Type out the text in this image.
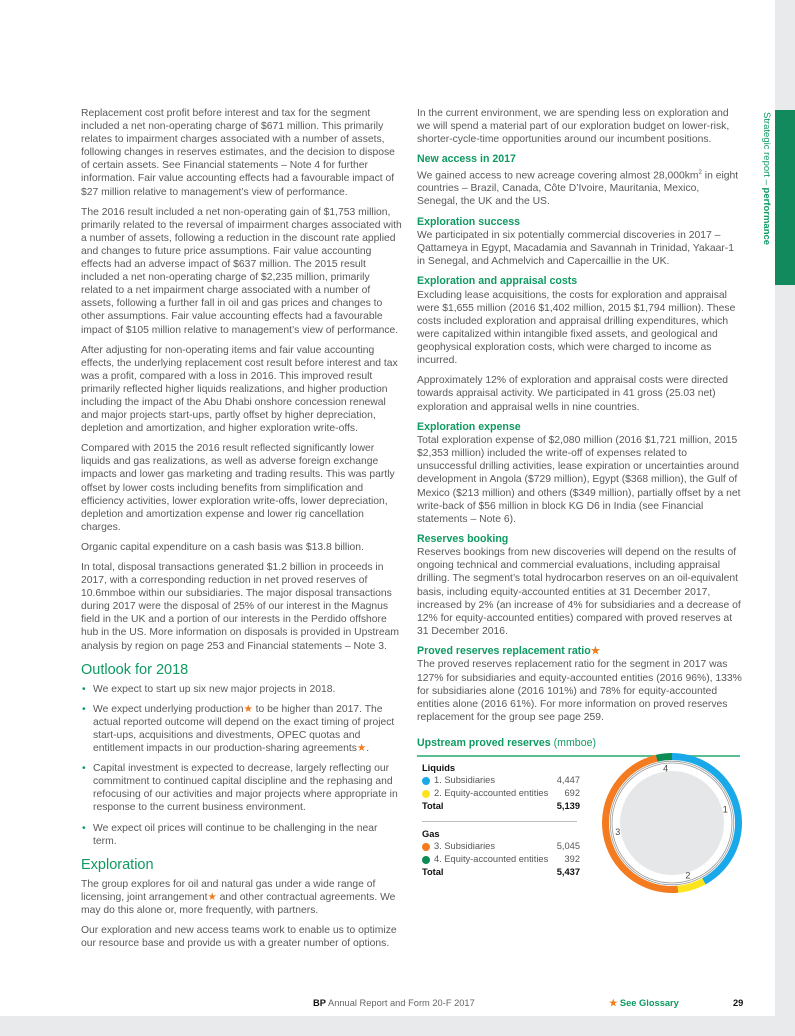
Strategic report – performance

Replacement cost profit before interest and tax for the segment included a net non-operating charge of $671 million. This primarily relates to impairment charges associated with a number of assets, following changes in reserves estimates, and the decision to dispose of certain assets. See Financial statements – Note 4 for further information. Fair value accounting effects had a favourable impact of $27 million relative to management’s view of performance.

The 2016 result included a net non-operating gain of $1,753 million, primarily related to the reversal of impairment charges associated with a number of assets, following a reduction in the discount rate applied and changes to future price assumptions. Fair value accounting effects had an adverse impact of $637 million. The 2015 result included a net non-operating charge of $2,235 million, primarily related to a net impairment charge associated with a number of assets, following a further fall in oil and gas prices and changes to other assumptions. Fair value accounting effects had a favourable impact of $105 million relative to management’s view of performance.

After adjusting for non-operating items and fair value accounting effects, the underlying replacement cost result before interest and tax was a profit, compared with a loss in 2016. This improved result primarily reflected higher liquids realizations, and higher production including the impact of the Abu Dhabi onshore concession renewal and major projects start-ups, partly offset by higher depreciation, depletion and amortization, and higher exploration write-offs.

Compared with 2015 the 2016 result reflected significantly lower liquids and gas realizations, as well as adverse foreign exchange impacts and lower gas marketing and trading results. This was partly offset by lower costs including benefits from simplification and efficiency activities, lower exploration write-offs, lower depreciation, depletion and amortization expense and lower rig cancellation charges.

Organic capital expenditure on a cash basis was $13.8 billion.

In total, disposal transactions generated $1.2 billion in proceeds in 2017, with a corresponding reduction in net proved reserves of 10.6mmboe within our subsidiaries. The major disposal transactions during 2017 were the disposal of 25% of our interest in the Magnus field in the UK and a portion of our interests in the Perdido offshore hub in the US. More information on disposals is provided in Upstream analysis by region on page 253 and Financial statements – Note 3.

Outlook for 2018
• We expect to start up six new major projects in 2018.
• We expect underlying production★ to be higher than 2017. The actual reported outcome will depend on the exact timing of project start-ups, acquisitions and divestments, OPEC quotas and entitlement impacts in our production-sharing agreements★.
• Capital investment is expected to decrease, largely reflecting our commitment to continued capital discipline and the rephasing and refocusing of our activities and major projects where appropriate in response to the current business environment.
• We expect oil prices will continue to be challenging in the near term.
Exploration

The group explores for oil and natural gas under a wide range of licensing, joint arrangement★ and other contractual agreements. We may do this alone or, more frequently, with partners.

Our exploration and new access teams work to enable us to optimize our resource base and provide us with a greater number of options.

In the current environment, we are spending less on exploration and we will spend a material part of our exploration budget on lower-risk, shorter-cycle-time opportunities around our incumbent positions.

New access in 2017

We gained access to new acreage covering almost $28,000km^2$ in eight countries – Brazil, Canada, Côte D’Ivoire, Mauritania, Mexico, Senegal, the UK and the US.

Exploration success

We participated in six potentially commercial discoveries in 2017 – Qattameya in Egypt, Macadamia and Savannah in Trinidad, Yakaar-1 in Senegal, and Achmelvich and Capercaillie in the UK.

Exploration and appraisal costs

Excluding lease acquisitions, the costs for exploration and appraisal were $1,655 million (2016 $1,402 million, 2015 $1,794 million). These costs included exploration and appraisal drilling expenditures, which were capitalized within intangible fixed assets, and geological and geophysical exploration costs, which were charged to income as incurred.

Approximately 12% of exploration and appraisal costs were directed towards appraisal activity. We participated in 41 gross (25.03 net) exploration and appraisal wells in nine countries.

Exploration expense

Total exploration expense of $2,080 million (2016 $1,721 million, 2015 $2,353 million) included the write-off of expenses related to unsuccessful drilling activities, lease expiration or uncertainties around development in Angola ($729 million), Egypt ($368 million), the Gulf of Mexico ($213 million) and others ($349 million), partially offset by a net write-back of $56 million in block KG D6 in India (see Financial statements – Note 6).

Reserves booking

Reserves bookings from new discoveries will depend on the results of ongoing technical and commercial evaluations, including appraisal drilling. The segment’s total hydrocarbon reserves on an oil-equivalent basis, including equity-accounted entities at 31 December 2017, increased by 2% (an increase of 4% for subsidiaries and a decrease of 12% for equity-accounted entities) compared with proved reserves at 31 December 2016.

Proved reserves replacement ratio★

The proved reserves replacement ratio for the segment in 2017 was 127% for subsidiaries and equity-accounted entities (2016 96%), 133% for subsidiaries alone (2016 101%) and 78% for equity-accounted entities alone (2016 61%). For more information on proved reserves replacement for the group see page 259.

Upstream proved reserves (mmboe)
Liquids
1. Subsidiaries	4,447
2. Equity-accounted entities 692
Total	5,139
Gas
3. Subsidiaries	5,045
4. Equity-accounted entities 392
Total	5,437
1
2
3
4
BP Annual Report and Form 20-F 2017	★ See Glossary	29
